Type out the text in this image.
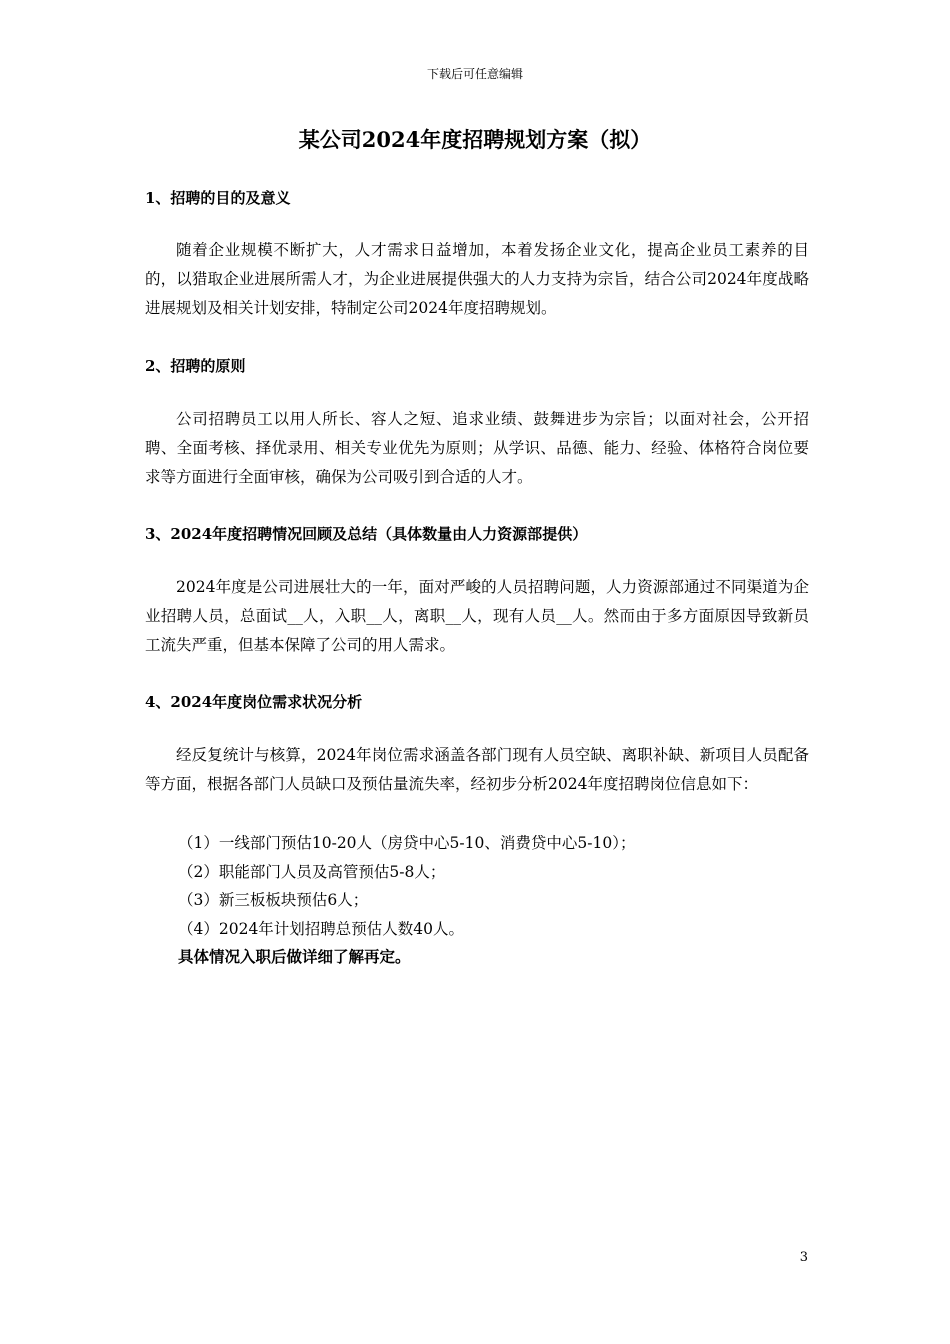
下载后可任意编辑
某公司2024年度招聘规划方案（拟）
1、招聘的目的及意义

随着企业规模不断扩大，人才需求日益增加，本着发扬企业文化，提高企业员工素养的目的，以猎取企业进展所需人才，为企业进展提供强大的人力支持为宗旨，结合公司2024年度战略进展规划及相关计划安排，特制定公司2024年度招聘规划。

2、招聘的原则

公司招聘员工以用人所长、容人之短、追求业绩、鼓舞进步为宗旨；以面对社会，公开招聘、全面考核、择优录用、相关专业优先为原则；从学识、品德、能力、经验、体格符合岗位要求等方面进行全面审核，确保为公司吸引到合适的人才。

3、2024年度招聘情况回顾及总结（具体数量由人力资源部提供）

2024年度是公司进展壮大的一年，面对严峻的人员招聘问题，人力资源部通过不同渠道为企业招聘人员，总面试__人，入职__人，离职__人，现有人员__人。然而由于多方面原因导致新员工流失严重，但基本保障了公司的用人需求。

4、2024年度岗位需求状况分析

经反复统计与核算，2024年岗位需求涵盖各部门现有人员空缺、离职补缺、新项目人员配备等方面，根据各部门人员缺口及预估量流失率，经初步分析2024年度招聘岗位信息如下：

（1）一线部门预估10-20人（房贷中心5-10、消费贷中心5-10）；

（2）职能部门人员及高管预估5-8人；

（3）新三板板块预估6人；

（4）2024年计划招聘总预估人数40人。

具体情况入职后做详细了解再定。

3
